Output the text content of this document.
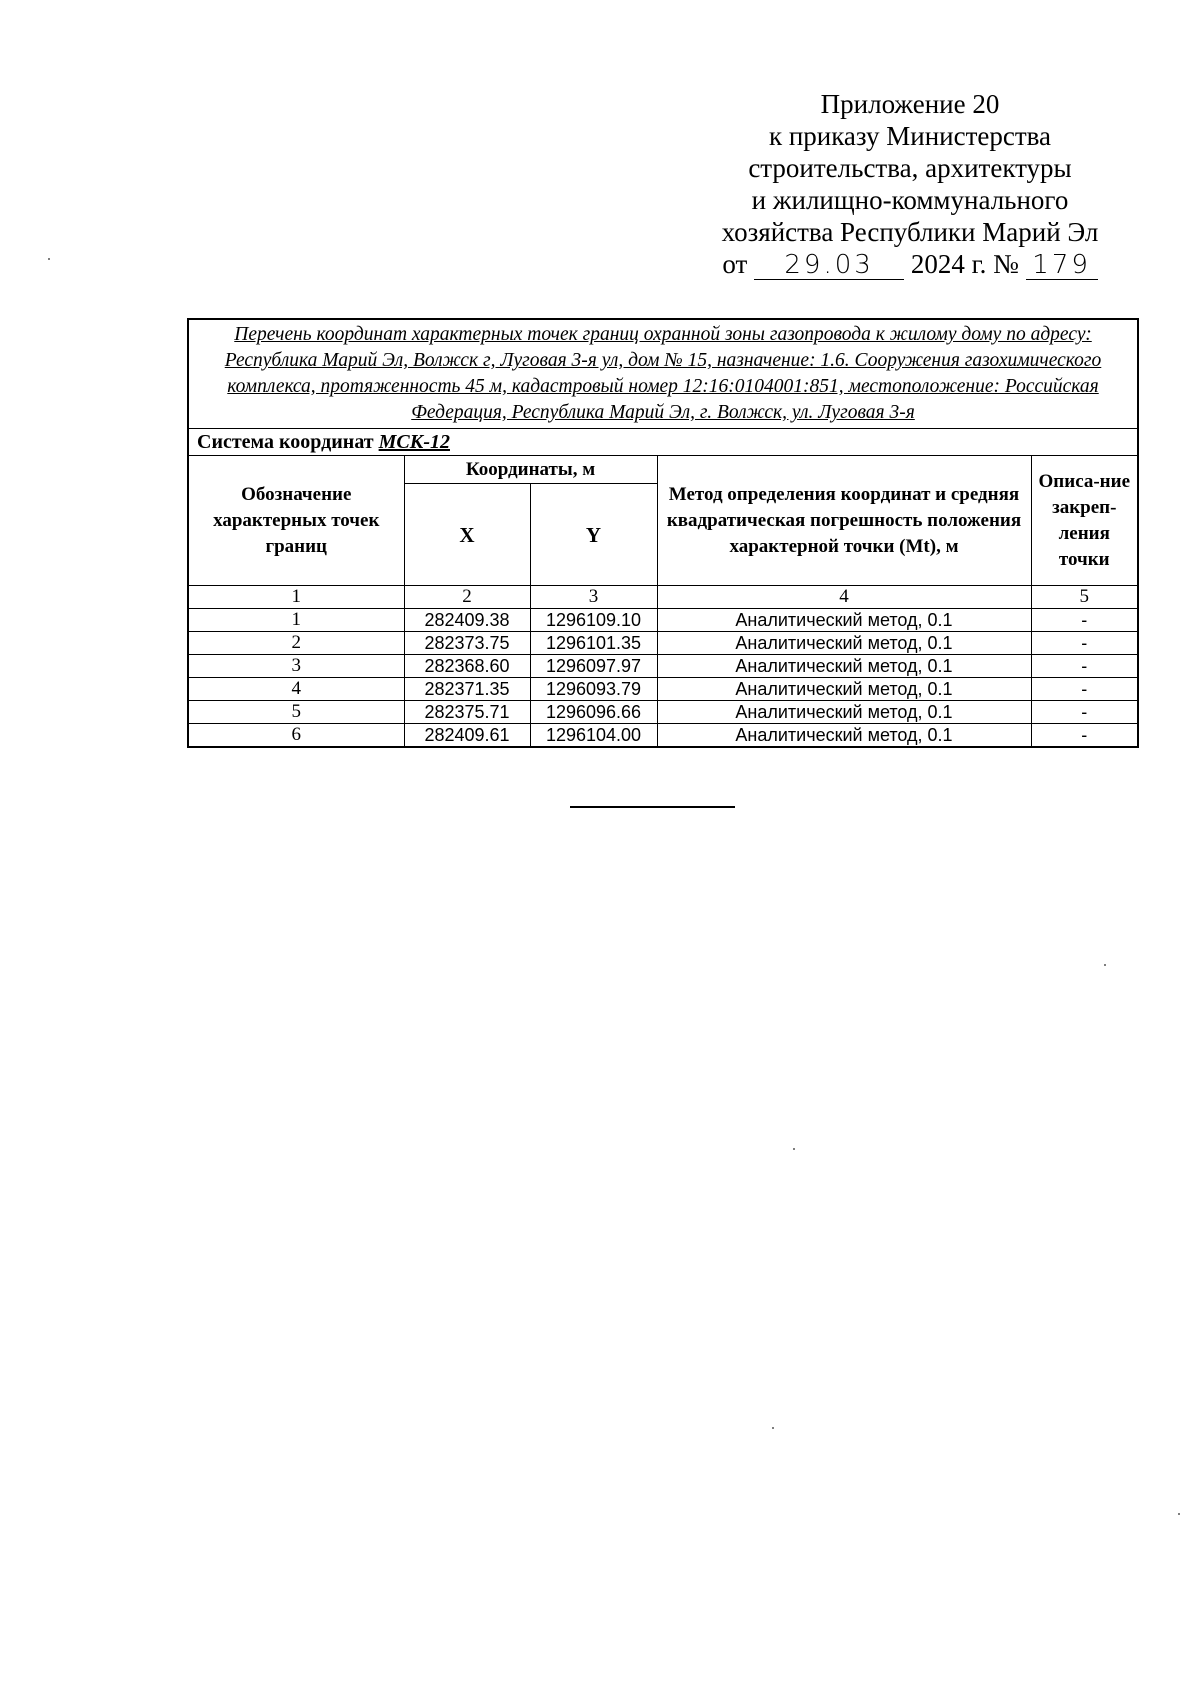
Приложение 20
к приказу Министерства
строительства, архитектуры
и жилищно-коммунального
хозяйства Республики Марий Эл
от 29.03 2024 г. № 179
Перечень координат характерных точек границ охранной зоны газопровода к жилому дому по адресу: Республика Марий Эл, Волжск г, Луговая 3-я ул, дом № 15, назначение: 1.6. Сооружения газохимического комплекса, протяженность 45 м, кадастровый номер 12:16:0104001:851, местоположение: Российская Федерация, Республика Марий Эл, г. Волжск, ул. Луговая 3-я				
Система координат МСК-12				
Обозначение характерных точек границ	Координаты, м		Метод определения координат и средняя квадратическая погрешность положения характерной точки (Mt), м	Описа-ние закреп-ления точки
	X	Y		
1	2	3	4	5
1	282409.38	1296109.10	Аналитический метод, 0.1	-
2	282373.75	1296101.35	Аналитический метод, 0.1	-
3	282368.60	1296097.97	Аналитический метод, 0.1	-
4	282371.35	1296093.79	Аналитический метод, 0.1	-
5	282375.71	1296096.66	Аналитический метод, 0.1	-
6	282409.61	1296104.00	Аналитический метод, 0.1	-
